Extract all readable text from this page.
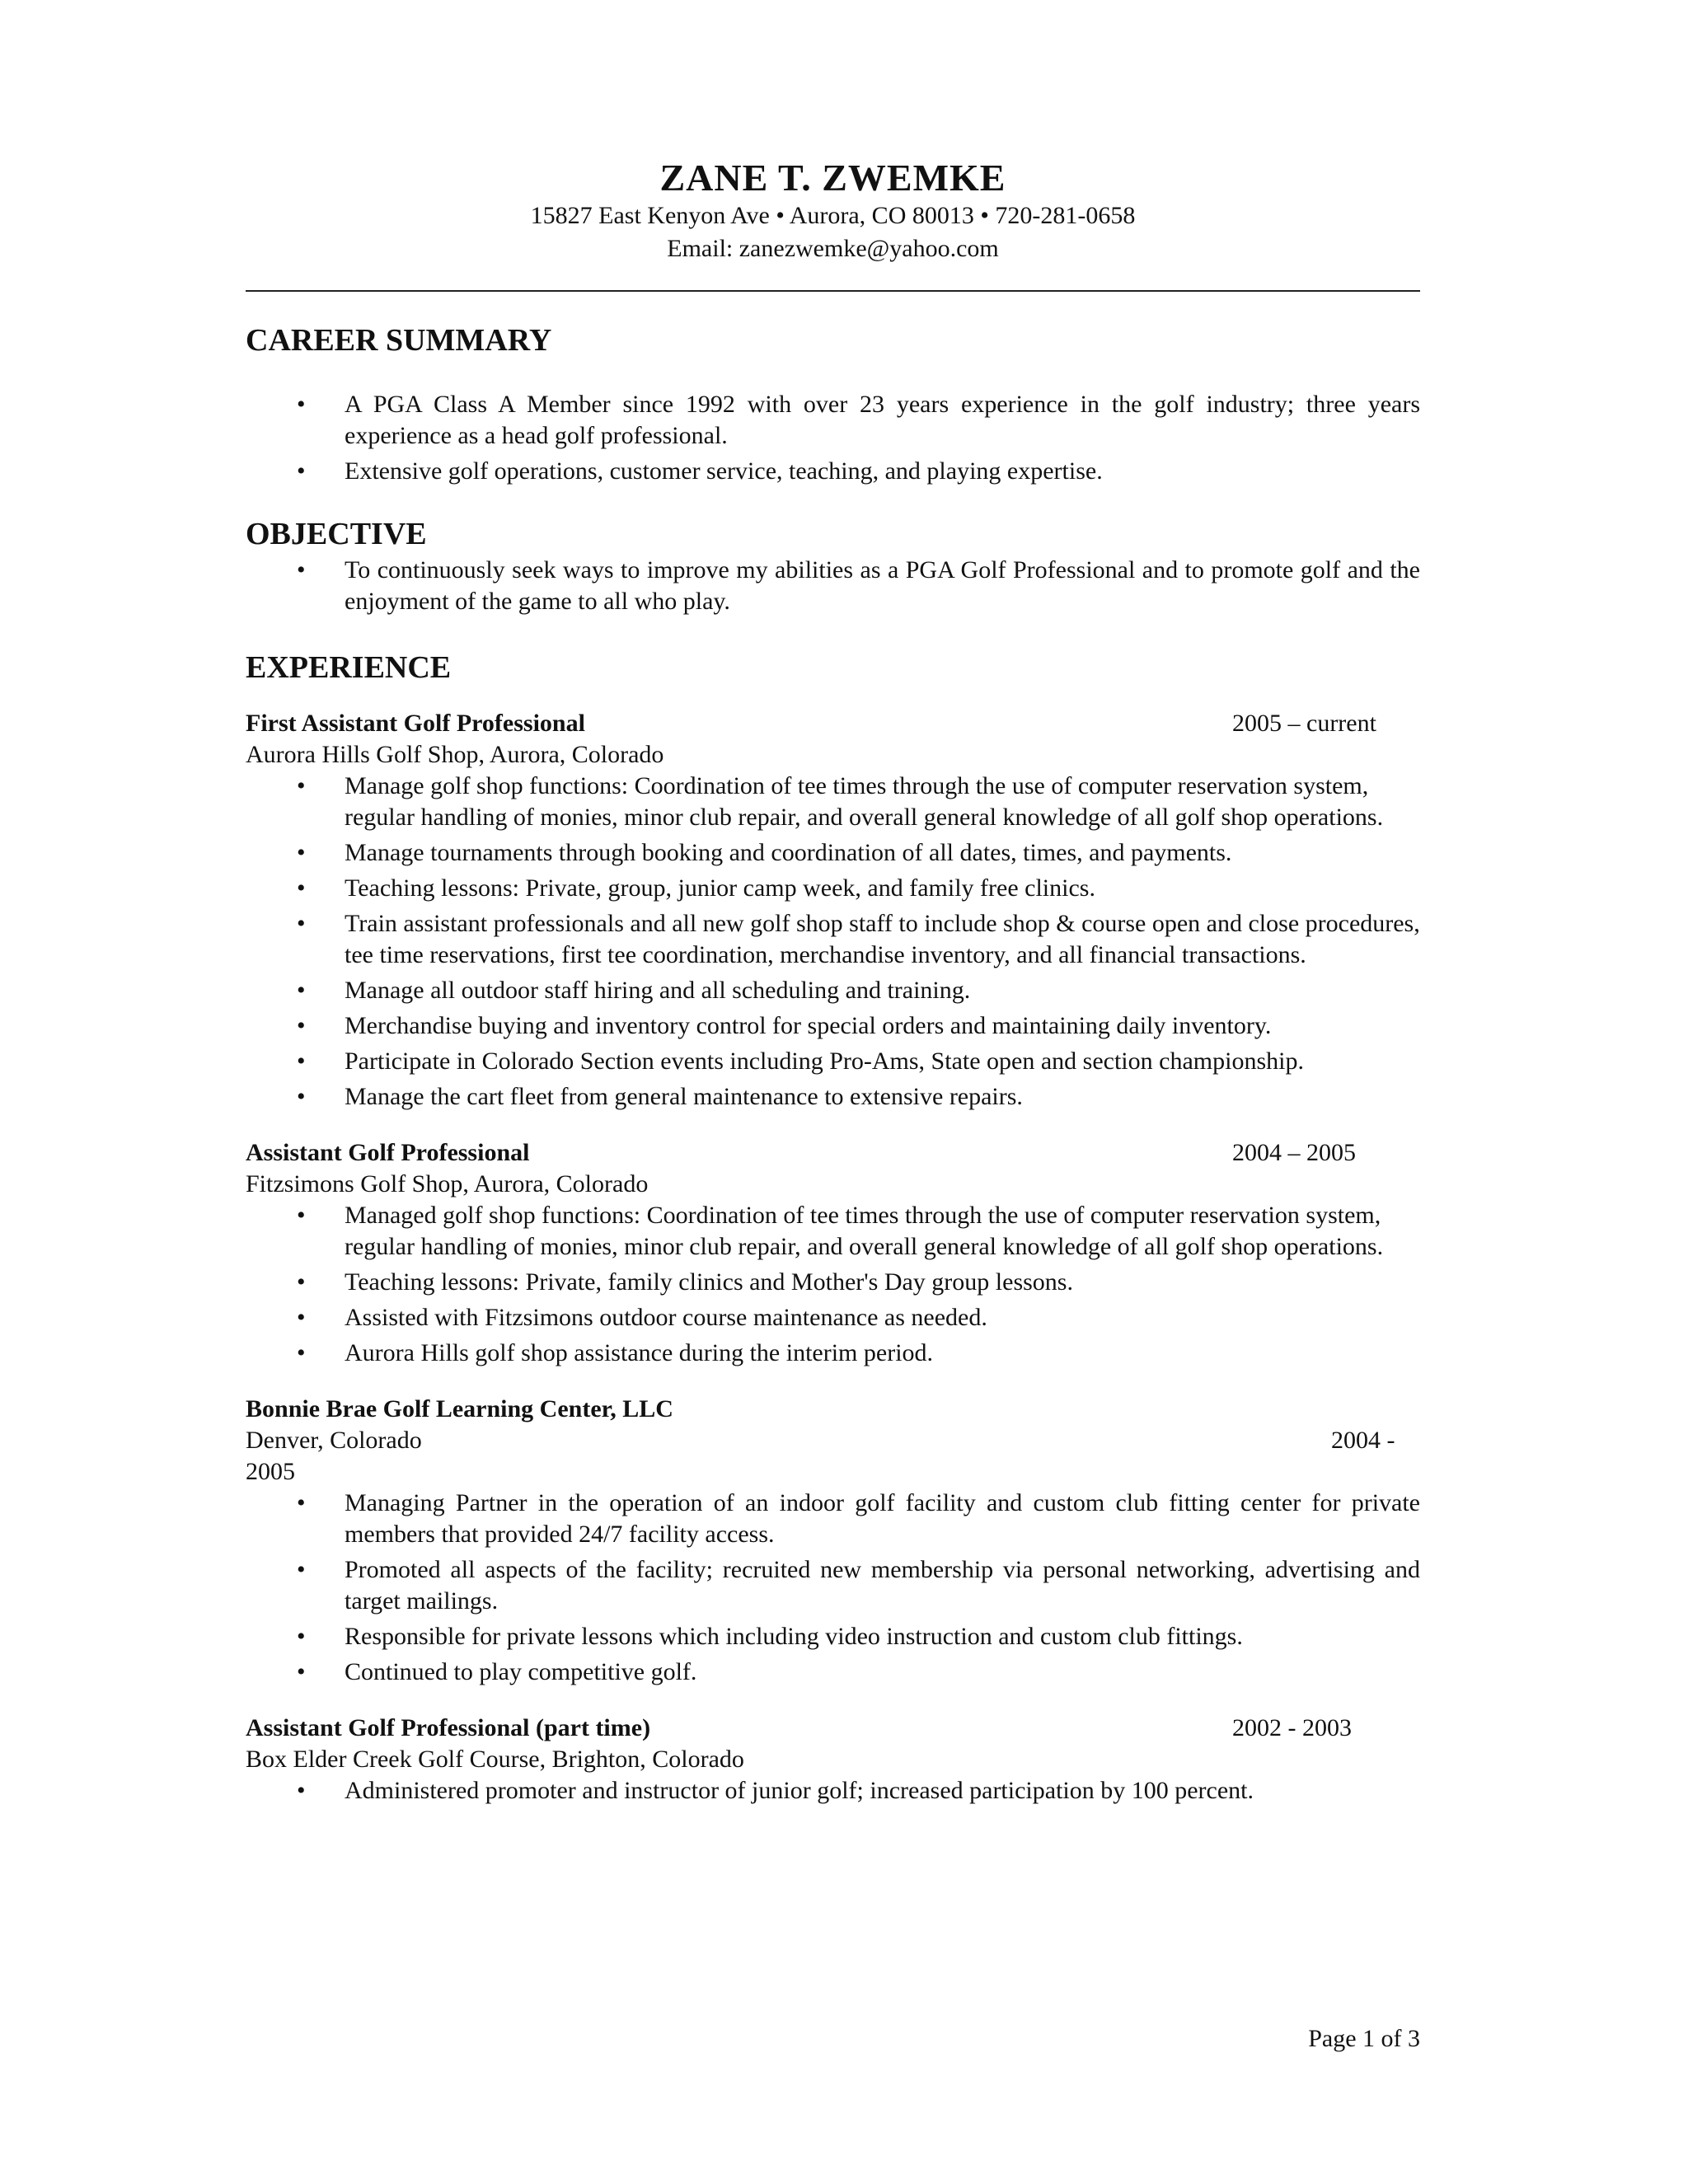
ZANE T. ZWEMKE

15827 East Kenyon Ave • Aurora, CO 80013 • 720-281-0658

Email: zanezwemke@yahoo.com

CAREER SUMMARY

• A PGA Class A Member since 1992 with over 23 years experience in the golf industry; three years experience as a head golf professional.
• Extensive golf operations, customer service, teaching, and playing expertise.

OBJECTIVE

• To continuously seek ways to improve my abilities as a PGA Golf Professional and to promote golf and the enjoyment of the game to all who play.

EXPERIENCE

First Assistant Golf Professional	2005 – current

Aurora Hills Golf Shop, Aurora, Colorado

• Manage golf shop functions: Coordination of tee times through the use of computer reservation system, regular handling of monies, minor club repair, and overall general knowledge of all golf shop operations.
• Manage tournaments through booking and coordination of all dates, times, and payments.
• Teaching lessons: Private, group, junior camp week, and family free clinics.
• Train assistant professionals and all new golf shop staff to include shop & course open and close procedures, tee time reservations, first tee coordination, merchandise inventory, and all financial transactions.
• Manage all outdoor staff hiring and all scheduling and training.
• Merchandise buying and inventory control for special orders and maintaining daily inventory.
• Participate in Colorado Section events including Pro-Ams, State open and section championship.
• Manage the cart fleet from general maintenance to extensive repairs.
Assistant Golf Professional	2004 – 2005

Fitzsimons Golf Shop, Aurora, Colorado

• Managed golf shop functions: Coordination of tee times through the use of computer reservation system, regular handling of monies, minor club repair, and overall general knowledge of all golf shop operations.
• Teaching lessons: Private, family clinics and Mother's Day group lessons.
• Assisted with Fitzsimons outdoor course maintenance as needed.
• Aurora Hills golf shop assistance during the interim period.
Bonnie Brae Golf Learning Center, LLC
Denver, Colorado	2004 -

2005

• Managing Partner in the operation of an indoor golf facility and custom club fitting center for private members that provided 24/7 facility access.
• Promoted all aspects of the facility; recruited new membership via personal networking, advertising and target mailings.
• Responsible for private lessons which including video instruction and custom club fittings.
• Continued to play competitive golf.
Assistant Golf Professional (part time)	2002 - 2003

Box Elder Creek Golf Course, Brighton, Colorado

• Administered promoter and instructor of junior golf; increased participation by 100 percent.
Page 1 of 3
